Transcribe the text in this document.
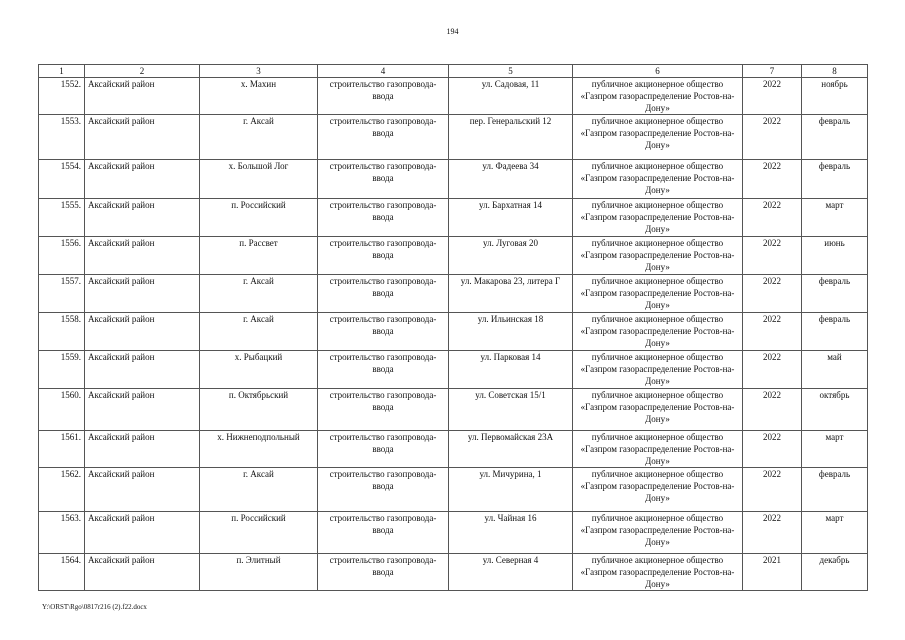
194
1	2	3	4	5	6	7	8
1552.	Аксайский район	х. Махин	строительство газопровода-ввода	ул. Садовая, 11	публичное акционерное общество «Газпром газораспределение Ростов-на-Дону»	2022	ноябрь
1553.	Аксайский район	г. Аксай	строительство газопровода-ввода	пер. Генеральский 12	публичное акционерное общество «Газпром газораспределение Ростов-на-Дону»	2022	февраль
1554.	Аксайский район	х. Большой Лог	строительство газопровода-ввода	ул. Фадеева 34	публичное акционерное общество «Газпром газораспределение Ростов-на-Дону»	2022	февраль
1555.	Аксайский район	п. Российский	строительство газопровода-ввода	ул. Бархатная 14	публичное акционерное общество «Газпром газораспределение Ростов-на-Дону»	2022	март
1556.	Аксайский район	п. Рассвет	строительство газопровода-ввода	ул. Луговая 20	публичное акционерное общество «Газпром газораспределение Ростов-на-Дону»	2022	июнь
1557.	Аксайский район	г. Аксай	строительство газопровода-ввода	ул. Макарова 23, литера Г	публичное акционерное общество «Газпром газораспределение Ростов-на-Дону»	2022	февраль
1558.	Аксайский район	г. Аксай	строительство газопровода-ввода	ул. Ильинская 18	публичное акционерное общество «Газпром газораспределение Ростов-на-Дону»	2022	февраль
1559.	Аксайский район	х. Рыбацкий	строительство газопровода-ввода	ул. Парковая 14	публичное акционерное общество «Газпром газораспределение Ростов-на-Дону»	2022	май
1560.	Аксайский район	п. Октябрьский	строительство газопровода-ввода	ул. Советская 15/1	публичное акционерное общество «Газпром газораспределение Ростов-на-Дону»	2022	октябрь
1561.	Аксайский район	х. Нижнеподпольный	строительство газопровода-ввода	ул. Первомайская 23А	публичное акционерное общество «Газпром газораспределение Ростов-на-Дону»	2022	март
1562.	Аксайский район	г. Аксай	строительство газопровода-ввода	ул. Мичурина, 1	публичное акционерное общество «Газпром газораспределение Ростов-на-Дону»	2022	февраль
1563.	Аксайский район	п. Российский	строительство газопровода-ввода	ул. Чайная 16	публичное акционерное общество «Газпром газораспределение Ростов-на-Дону»	2022	март
1564.	Аксайский район	п. Элитный	строительство газопровода-ввода	ул. Северная 4	публичное акционерное общество «Газпром газораспределение Ростов-на-Дону»	2021	декабрь
Y:\ORST\Rgo\0817r216 (2).f22.docx
